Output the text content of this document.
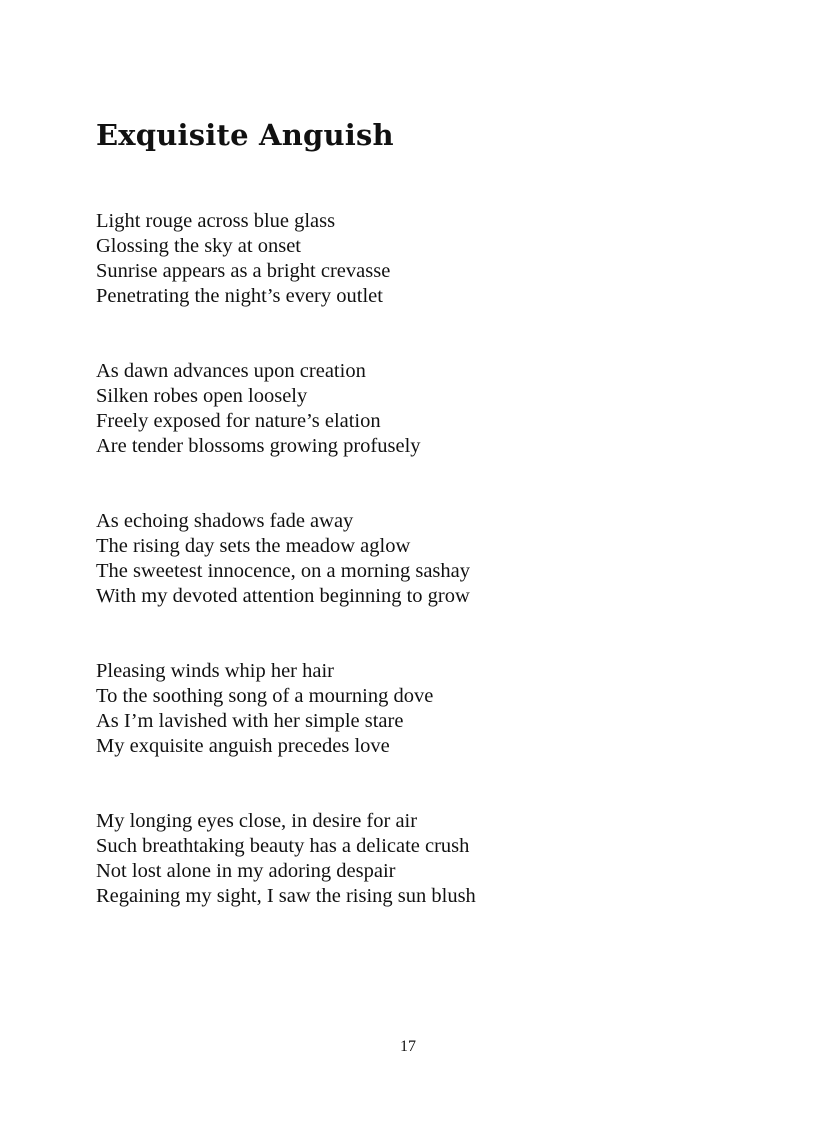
Exquisite Anguish
Light rouge across blue glass
Glossing the sky at onset
Sunrise appears as a bright crevasse
Penetrating the night’s every outlet
As dawn advances upon creation
Silken robes open loosely
Freely exposed for nature’s elation
Are tender blossoms growing profusely
As echoing shadows fade away
The rising day sets the meadow aglow
The sweetest innocence, on a morning sashay
With my devoted attention beginning to grow
Pleasing winds whip her hair
To the soothing song of a mourning dove
As I’m lavished with her simple stare
My exquisite anguish precedes love
My longing eyes close, in desire for air
Such breathtaking beauty has a delicate crush
Not lost alone in my adoring despair
Regaining my sight, I saw the rising sun blush
17
